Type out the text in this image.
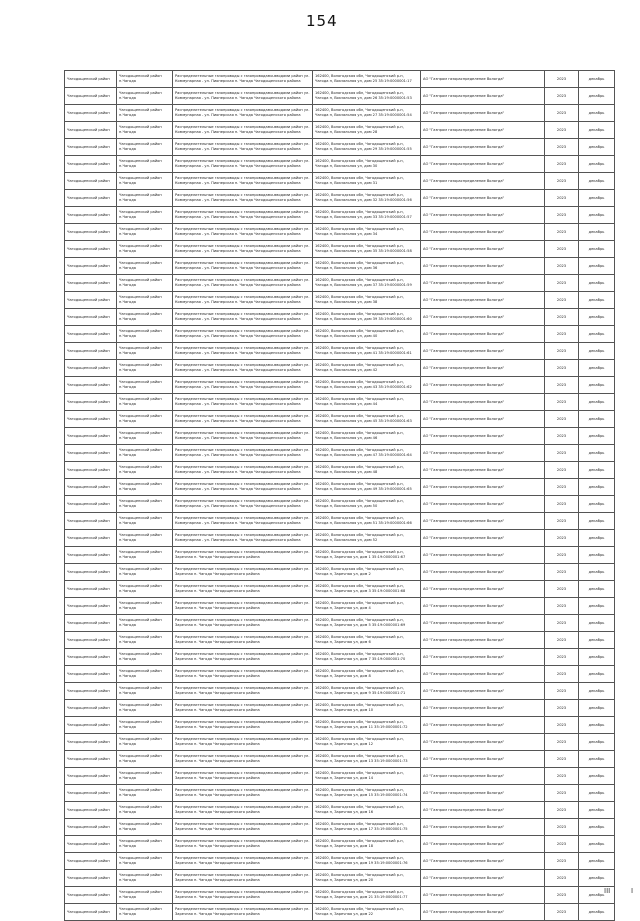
154
Чагодощенский район	Чагодощенский район п.Чагода	Распределительные газопроводы с газопроводами-вводами район ул. Коммунарная - ул. Пионерская п. Чагода Чагодощенского района	162400, Вологодская обл, Чагодощенский р-н, Чагода п, Вокзальная ул, дом 25 35:19:0000001:17	АО "Газпром газораспределение Вологда"	2023	декабрь
Чагодощенский район	Чагодощенский район п.Чагода	Распределительные газопроводы с газопроводами-вводами район ул. Коммунарная - ул. Пионерская п. Чагода Чагодощенского района	162400, Вологодская обл, Чагодощенский р-н, Чагода п, Вокзальная ул, дом 26 35:19:0000001:53	АО "Газпром газораспределение Вологда"	2023	декабрь
Чагодощенский район	Чагодощенский район п.Чагода	Распределительные газопроводы с газопроводами-вводами район ул. Коммунарная - ул. Пионерская п. Чагода Чагодощенского района	162400, Вологодская обл, Чагодощенский р-н, Чагода п, Вокзальная ул, дом 27 35:19:0000001:54	АО "Газпром газораспределение Вологда"	2023	декабрь
Чагодощенский район	Чагодощенский район п.Чагода	Распределительные газопроводы с газопроводами-вводами район ул. Коммунарная - ул. Пионерская п. Чагода Чагодощенского района	162400, Вологодская обл, Чагодощенский р-н, Чагода п, Вокзальная ул, дом 28	АО "Газпром газораспределение Вологда"	2023	декабрь
Чагодощенский район	Чагодощенский район п.Чагода	Распределительные газопроводы с газопроводами-вводами район ул. Коммунарная - ул. Пионерская п. Чагода Чагодощенского района	162400, Вологодская обл, Чагодощенский р-н, Чагода п, Вокзальная ул, дом 29 35:19:0000001:55	АО "Газпром газораспределение Вологда"	2023	декабрь
Чагодощенский район	Чагодощенский район п.Чагода	Распределительные газопроводы с газопроводами-вводами район ул. Коммунарная - ул. Пионерская п. Чагода Чагодощенского района	162400, Вологодская обл, Чагодощенский р-н, Чагода п, Вокзальная ул, дом 30	АО "Газпром газораспределение Вологда"	2023	декабрь
Чагодощенский район	Чагодощенский район п.Чагода	Распределительные газопроводы с газопроводами-вводами район ул. Коммунарная - ул. Пионерская п. Чагода Чагодощенского района	162400, Вологодская обл, Чагодощенский р-н, Чагода п, Вокзальная ул, дом 31	АО "Газпром газораспределение Вологда"	2023	декабрь
Чагодощенский район	Чагодощенский район п.Чагода	Распределительные газопроводы с газопроводами-вводами район ул. Коммунарная - ул. Пионерская п. Чагода Чагодощенского района	162400, Вологодская обл, Чагодощенский р-н, Чагода п, Вокзальная ул, дом 32 35:19:0000001:56	АО "Газпром газораспределение Вологда"	2023	декабрь
Чагодощенский район	Чагодощенский район п.Чагода	Распределительные газопроводы с газопроводами-вводами район ул. Коммунарная - ул. Пионерская п. Чагода Чагодощенского района	162400, Вологодская обл, Чагодощенский р-н, Чагода п, Вокзальная ул, дом 33 35:19:0000001:57	АО "Газпром газораспределение Вологда"	2023	декабрь
Чагодощенский район	Чагодощенский район п.Чагода	Распределительные газопроводы с газопроводами-вводами район ул. Коммунарная - ул. Пионерская п. Чагода Чагодощенского района	162400, Вологодская обл, Чагодощенский р-н, Чагода п, Вокзальная ул, дом 34	АО "Газпром газораспределение Вологда"	2023	декабрь
Чагодощенский район	Чагодощенский район п.Чагода	Распределительные газопроводы с газопроводами-вводами район ул. Коммунарная - ул. Пионерская п. Чагода Чагодощенского района	162400, Вологодская обл, Чагодощенский р-н, Чагода п, Вокзальная ул, дом 35 35:19:0000001:58	АО "Газпром газораспределение Вологда"	2023	декабрь
Чагодощенский район	Чагодощенский район п.Чагода	Распределительные газопроводы с газопроводами-вводами район ул. Коммунарная - ул. Пионерская п. Чагода Чагодощенского района	162400, Вологодская обл, Чагодощенский р-н, Чагода п, Вокзальная ул, дом 36	АО "Газпром газораспределение Вологда"	2023	декабрь
Чагодощенский район	Чагодощенский район п.Чагода	Распределительные газопроводы с газопроводами-вводами район ул. Коммунарная - ул. Пионерская п. Чагода Чагодощенского района	162400, Вологодская обл, Чагодощенский р-н, Чагода п, Вокзальная ул, дом 37 35:19:0000001:59	АО "Газпром газораспределение Вологда"	2023	декабрь
Чагодощенский район	Чагодощенский район п.Чагода	Распределительные газопроводы с газопроводами-вводами район ул. Коммунарная - ул. Пионерская п. Чагода Чагодощенского района	162400, Вологодская обл, Чагодощенский р-н, Чагода п, Вокзальная ул, дом 38	АО "Газпром газораспределение Вологда"	2023	декабрь
Чагодощенский район	Чагодощенский район п.Чагода	Распределительные газопроводы с газопроводами-вводами район ул. Коммунарная - ул. Пионерская п. Чагода Чагодощенского района	162400, Вологодская обл, Чагодощенский р-н, Чагода п, Вокзальная ул, дом 39 35:19:0000001:60	АО "Газпром газораспределение Вологда"	2023	декабрь
Чагодощенский район	Чагодощенский район п.Чагода	Распределительные газопроводы с газопроводами-вводами район ул. Коммунарная - ул. Пионерская п. Чагода Чагодощенского района	162400, Вологодская обл, Чагодощенский р-н, Чагода п, Вокзальная ул, дом 40	АО "Газпром газораспределение Вологда"	2023	декабрь
Чагодощенский район	Чагодощенский район п.Чагода	Распределительные газопроводы с газопроводами-вводами район ул. Коммунарная - ул. Пионерская п. Чагода Чагодощенского района	162400, Вологодская обл, Чагодощенский р-н, Чагода п, Вокзальная ул, дом 41 35:19:0000001:61	АО "Газпром газораспределение Вологда"	2023	декабрь
Чагодощенский район	Чагодощенский район п.Чагода	Распределительные газопроводы с газопроводами-вводами район ул. Коммунарная - ул. Пионерская п. Чагода Чагодощенского района	162400, Вологодская обл, Чагодощенский р-н, Чагода п, Вокзальная ул, дом 42	АО "Газпром газораспределение Вологда"	2023	декабрь
Чагодощенский район	Чагодощенский район п.Чагода	Распределительные газопроводы с газопроводами-вводами район ул. Коммунарная - ул. Пионерская п. Чагода Чагодощенского района	162400, Вологодская обл, Чагодощенский р-н, Чагода п, Вокзальная ул, дом 43 35:19:0000001:62	АО "Газпром газораспределение Вологда"	2023	декабрь
Чагодощенский район	Чагодощенский район п.Чагода	Распределительные газопроводы с газопроводами-вводами район ул. Коммунарная - ул. Пионерская п. Чагода Чагодощенского района	162400, Вологодская обл, Чагодощенский р-н, Чагода п, Вокзальная ул, дом 44	АО "Газпром газораспределение Вологда"	2023	декабрь
Чагодощенский район	Чагодощенский район п.Чагода	Распределительные газопроводы с газопроводами-вводами район ул. Коммунарная - ул. Пионерская п. Чагода Чагодощенского района	162400, Вологодская обл, Чагодощенский р-н, Чагода п, Вокзальная ул, дом 45 35:19:0000001:63	АО "Газпром газораспределение Вологда"	2023	декабрь
Чагодощенский район	Чагодощенский район п.Чагода	Распределительные газопроводы с газопроводами-вводами район ул. Коммунарная - ул. Пионерская п. Чагода Чагодощенского района	162400, Вологодская обл, Чагодощенский р-н, Чагода п, Вокзальная ул, дом 46	АО "Газпром газораспределение Вологда"	2023	декабрь
Чагодощенский район	Чагодощенский район п.Чагода	Распределительные газопроводы с газопроводами-вводами район ул. Коммунарная - ул. Пионерская п. Чагода Чагодощенского района	162400, Вологодская обл, Чагодощенский р-н, Чагода п, Вокзальная ул, дом 47 35:19:0000001:64	АО "Газпром газораспределение Вологда"	2023	декабрь
Чагодощенский район	Чагодощенский район п.Чагода	Распределительные газопроводы с газопроводами-вводами район ул. Коммунарная - ул. Пионерская п. Чагода Чагодощенского района	162400, Вологодская обл, Чагодощенский р-н, Чагода п, Вокзальная ул, дом 48	АО "Газпром газораспределение Вологда"	2023	декабрь
Чагодощенский район	Чагодощенский район п.Чагода	Распределительные газопроводы с газопроводами-вводами район ул. Коммунарная - ул. Пионерская п. Чагода Чагодощенского района	162400, Вологодская обл, Чагодощенский р-н, Чагода п, Вокзальная ул, дом 49 35:19:0000001:65	АО "Газпром газораспределение Вологда"	2023	декабрь
Чагодощенский район	Чагодощенский район п.Чагода	Распределительные газопроводы с газопроводами-вводами район ул. Коммунарная - ул. Пионерская п. Чагода Чагодощенского района	162400, Вологодская обл, Чагодощенский р-н, Чагода п, Вокзальная ул, дом 50	АО "Газпром газораспределение Вологда"	2023	декабрь
Чагодощенский район	Чагодощенский район п.Чагода	Распределительные газопроводы с газопроводами-вводами район ул. Коммунарная - ул. Пионерская п. Чагода Чагодощенского района	162400, Вологодская обл, Чагодощенский р-н, Чагода п, Вокзальная ул, дом 51 35:19:0000001:66	АО "Газпром газораспределение Вологда"	2023	декабрь
Чагодощенский район	Чагодощенский район п.Чагода	Распределительные газопроводы с газопроводами-вводами район ул. Коммунарная - ул. Пионерская п. Чагода Чагодощенского района	162400, Вологодская обл, Чагодощенский р-н, Чагода п, Вокзальная ул, дом 52	АО "Газпром газораспределение Вологда"	2023	декабрь
Чагодощенский район	Чагодощенский район п.Чагода	Распределительные газопроводы с газопроводами-вводами район ул. Заречная п. Чагода Чагодощенского района	162400, Вологодская обл, Чагодощенский р-н, Чагода п, Заречная ул, дом 1 35:19:0000001:67	АО "Газпром газораспределение Вологда"	2023	декабрь
Чагодощенский район	Чагодощенский район п.Чагода	Распределительные газопроводы с газопроводами-вводами район ул. Заречная п. Чагода Чагодощенского района	162400, Вологодская обл, Чагодощенский р-н, Чагода п, Заречная ул, дом 2	АО "Газпром газораспределение Вологда"	2023	декабрь
Чагодощенский район	Чагодощенский район п.Чагода	Распределительные газопроводы с газопроводами-вводами район ул. Заречная п. Чагода Чагодощенского района	162400, Вологодская обл, Чагодощенский р-н, Чагода п, Заречная ул, дом 3 35:19:0000001:68	АО "Газпром газораспределение Вологда"	2023	декабрь
Чагодощенский район	Чагодощенский район п.Чагода	Распределительные газопроводы с газопроводами-вводами район ул. Заречная п. Чагода Чагодощенского района	162400, Вологодская обл, Чагодощенский р-н, Чагода п, Заречная ул, дом 4	АО "Газпром газораспределение Вологда"	2023	декабрь
Чагодощенский район	Чагодощенский район п.Чагода	Распределительные газопроводы с газопроводами-вводами район ул. Заречная п. Чагода Чагодощенского района	162400, Вологодская обл, Чагодощенский р-н, Чагода п, Заречная ул, дом 5 35:19:0000001:69	АО "Газпром газораспределение Вологда"	2023	декабрь
Чагодощенский район	Чагодощенский район п.Чагода	Распределительные газопроводы с газопроводами-вводами район ул. Заречная п. Чагода Чагодощенского района	162400, Вологодская обл, Чагодощенский р-н, Чагода п, Заречная ул, дом 6	АО "Газпром газораспределение Вологда"	2023	декабрь
Чагодощенский район	Чагодощенский район п.Чагода	Распределительные газопроводы с газопроводами-вводами район ул. Заречная п. Чагода Чагодощенского района	162400, Вологодская обл, Чагодощенский р-н, Чагода п, Заречная ул, дом 7 35:19:0000001:70	АО "Газпром газораспределение Вологда"	2023	декабрь
Чагодощенский район	Чагодощенский район п.Чагода	Распределительные газопроводы с газопроводами-вводами район ул. Заречная п. Чагода Чагодощенского района	162400, Вологодская обл, Чагодощенский р-н, Чагода п, Заречная ул, дом 8	АО "Газпром газораспределение Вологда"	2023	декабрь
Чагодощенский район	Чагодощенский район п.Чагода	Распределительные газопроводы с газопроводами-вводами район ул. Заречная п. Чагода Чагодощенского района	162400, Вологодская обл, Чагодощенский р-н, Чагода п, Заречная ул, дом 9 35:19:0000001:71	АО "Газпром газораспределение Вологда"	2023	декабрь
Чагодощенский район	Чагодощенский район п.Чагода	Распределительные газопроводы с газопроводами-вводами район ул. Заречная п. Чагода Чагодощенского района	162400, Вологодская обл, Чагодощенский р-н, Чагода п, Заречная ул, дом 10	АО "Газпром газораспределение Вологда"	2023	декабрь
Чагодощенский район	Чагодощенский район п.Чагода	Распределительные газопроводы с газопроводами-вводами район ул. Заречная п. Чагода Чагодощенского района	162400, Вологодская обл, Чагодощенский р-н, Чагода п, Заречная ул, дом 11 35:19:0000001:72	АО "Газпром газораспределение Вологда"	2023	декабрь
Чагодощенский район	Чагодощенский район п.Чагода	Распределительные газопроводы с газопроводами-вводами район ул. Заречная п. Чагода Чагодощенского района	162400, Вологодская обл, Чагодощенский р-н, Чагода п, Заречная ул, дом 12	АО "Газпром газораспределение Вологда"	2023	декабрь
Чагодощенский район	Чагодощенский район п.Чагода	Распределительные газопроводы с газопроводами-вводами район ул. Заречная п. Чагода Чагодощенского района	162400, Вологодская обл, Чагодощенский р-н, Чагода п, Заречная ул, дом 13 35:19:0000001:73	АО "Газпром газораспределение Вологда"	2023	декабрь
Чагодощенский район	Чагодощенский район п.Чагода	Распределительные газопроводы с газопроводами-вводами район ул. Заречная п. Чагода Чагодощенского района	162400, Вологодская обл, Чагодощенский р-н, Чагода п, Заречная ул, дом 14	АО "Газпром газораспределение Вологда"	2023	декабрь
Чагодощенский район	Чагодощенский район п.Чагода	Распределительные газопроводы с газопроводами-вводами район ул. Заречная п. Чагода Чагодощенского района	162400, Вологодская обл, Чагодощенский р-н, Чагода п, Заречная ул, дом 15 35:19:0000001:74	АО "Газпром газораспределение Вологда"	2023	декабрь
Чагодощенский район	Чагодощенский район п.Чагода	Распределительные газопроводы с газопроводами-вводами район ул. Заречная п. Чагода Чагодощенского района	162400, Вологодская обл, Чагодощенский р-н, Чагода п, Заречная ул, дом 16	АО "Газпром газораспределение Вологда"	2023	декабрь
Чагодощенский район	Чагодощенский район п.Чагода	Распределительные газопроводы с газопроводами-вводами район ул. Заречная п. Чагода Чагодощенского района	162400, Вологодская обл, Чагодощенский р-н, Чагода п, Заречная ул, дом 17 35:19:0000001:75	АО "Газпром газораспределение Вологда"	2023	декабрь
Чагодощенский район	Чагодощенский район п.Чагода	Распределительные газопроводы с газопроводами-вводами район ул. Заречная п. Чагода Чагодощенского района	162400, Вологодская обл, Чагодощенский р-н, Чагода п, Заречная ул, дом 18	АО "Газпром газораспределение Вологда"	2023	декабрь
Чагодощенский район	Чагодощенский район п.Чагода	Распределительные газопроводы с газопроводами-вводами район ул. Заречная п. Чагода Чагодощенского района	162400, Вологодская обл, Чагодощенский р-н, Чагода п, Заречная ул, дом 19 35:19:0000001:76	АО "Газпром газораспределение Вологда"	2023	декабрь
Чагодощенский район	Чагодощенский район п.Чагода	Распределительные газопроводы с газопроводами-вводами район ул. Заречная п. Чагода Чагодощенского района	162400, Вологодская обл, Чагодощенский р-н, Чагода п, Заречная ул, дом 20	АО "Газпром газораспределение Вологда"	2023	декабрь
Чагодощенский район	Чагодощенский район п.Чагода	Распределительные газопроводы с газопроводами-вводами район ул. Заречная п. Чагода Чагодощенского района	162400, Вологодская обл, Чагодощенский р-н, Чагода п, Заречная ул, дом 21 35:19:0000001:77	АО "Газпром газораспределение Вологда"	2023	декабрь
Чагодощенский район	Чагодощенский район п.Чагода	Распределительные газопроводы с газопроводами-вводами район ул. Заречная п. Чагода Чагодощенского района	162400, Вологодская обл, Чагодощенский р-н, Чагода п, Заречная ул, дом 22	АО "Газпром газораспределение Вологда"	2023	декабрь
III	I
